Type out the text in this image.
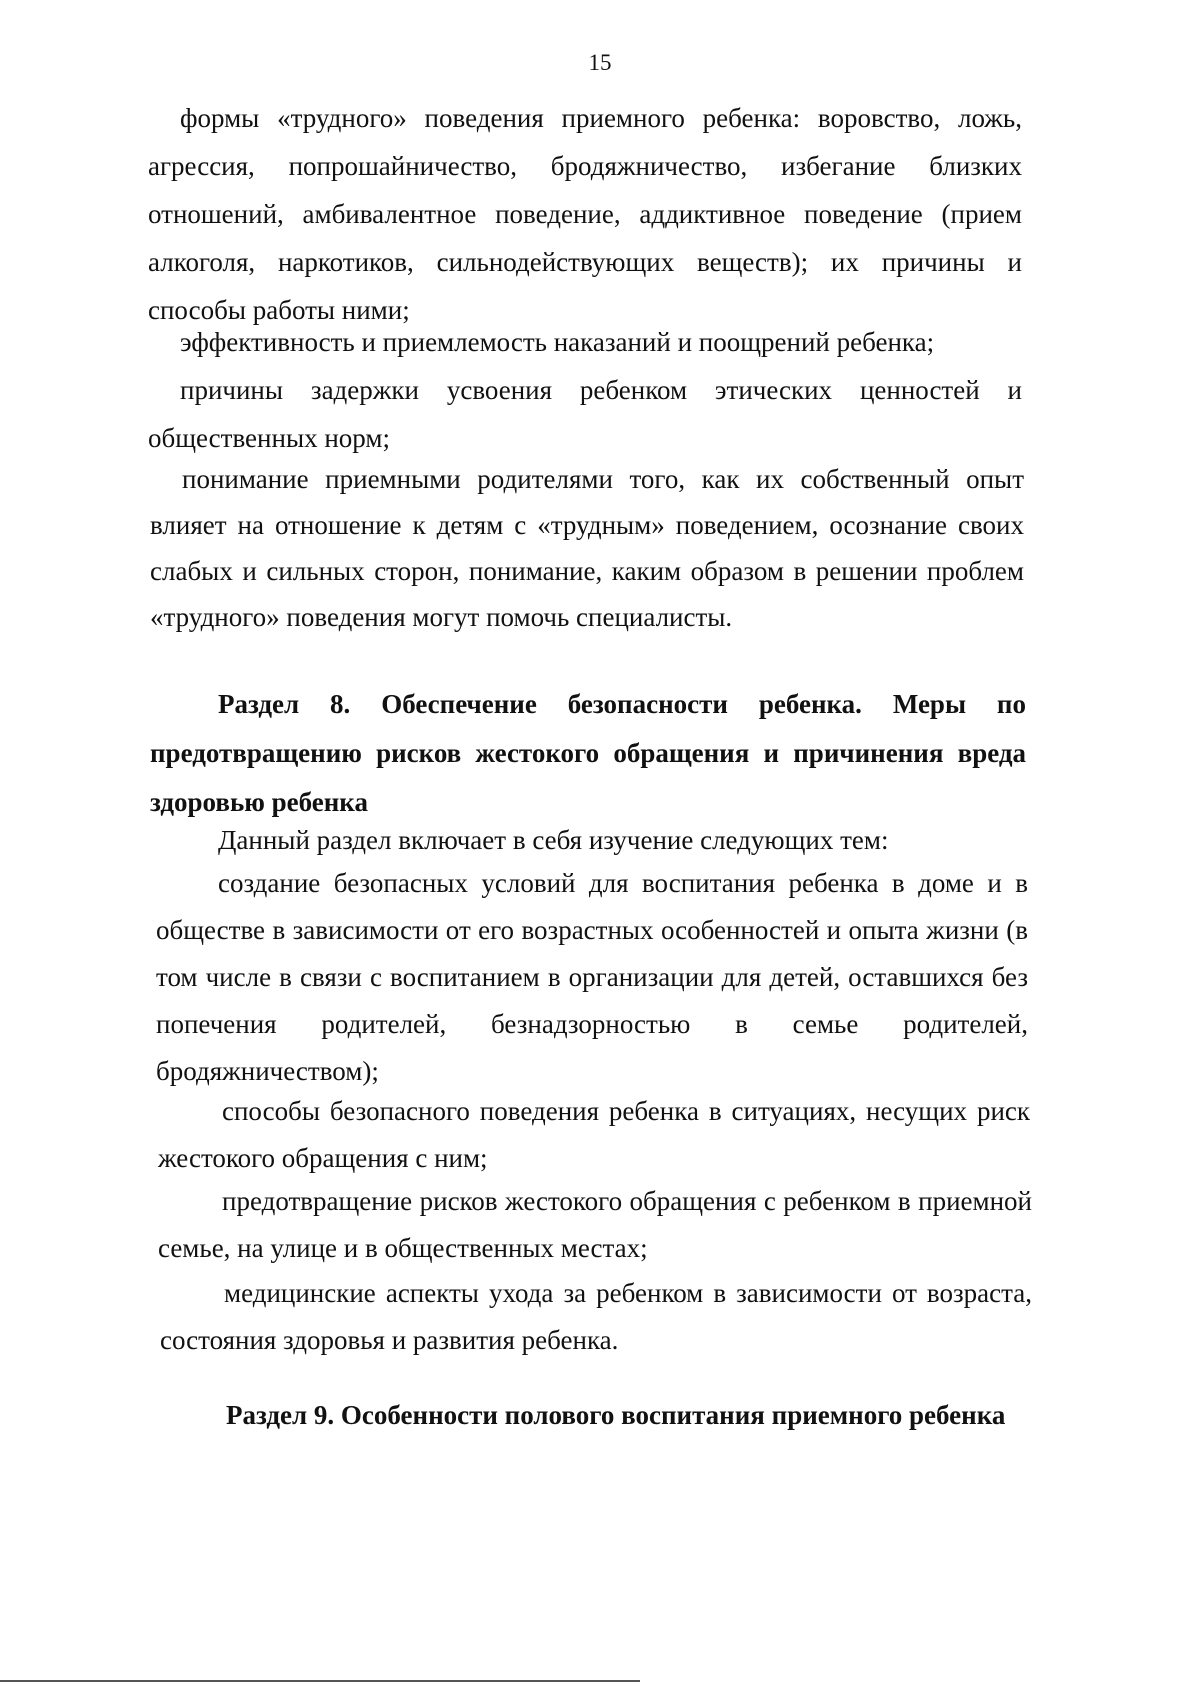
15

формы «трудного» поведения приемного ребенка: воровство, ложь, агрессия, попрошайничество, бродяжничество, избегание близких отношений, амбивалентное поведение, аддиктивное поведение (прием алкоголя, наркотиков, сильнодействующих веществ); их причины и способы работы ними;

эффективность и приемлемость наказаний и поощрений ребенка;

причины задержки усвоения ребенком этических ценностей и общественных норм;

понимание приемными родителями того, как их собственный опыт влияет на отношение к детям с «трудным» поведением, осознание своих слабых и сильных сторон, понимание, каким образом в решении проблем «трудного» поведения могут помочь специалисты.

Раздел 8. Обеспечение безопасности ребенка. Меры по предотвращению рисков жестокого обращения и причинения вреда здоровью ребенка

Данный раздел включает в себя изучение следующих тем:

создание безопасных условий для воспитания ребенка в доме и в обществе в зависимости от его возрастных особенностей и опыта жизни (в том числе в связи с воспитанием в организации для детей, оставшихся без попечения родителей, безнадзорностью в семье родителей, бродяжничеством);

способы безопасного поведения ребенка в ситуациях, несущих риск жестокого обращения с ним;

предотвращение рисков жестокого обращения с ребенком в приемной семье, на улице и в общественных местах;

медицинские аспекты ухода за ребенком в зависимости от возраста, состояния здоровья и развития ребенка.

Раздел 9. Особенности полового воспитания приемного ребенка
